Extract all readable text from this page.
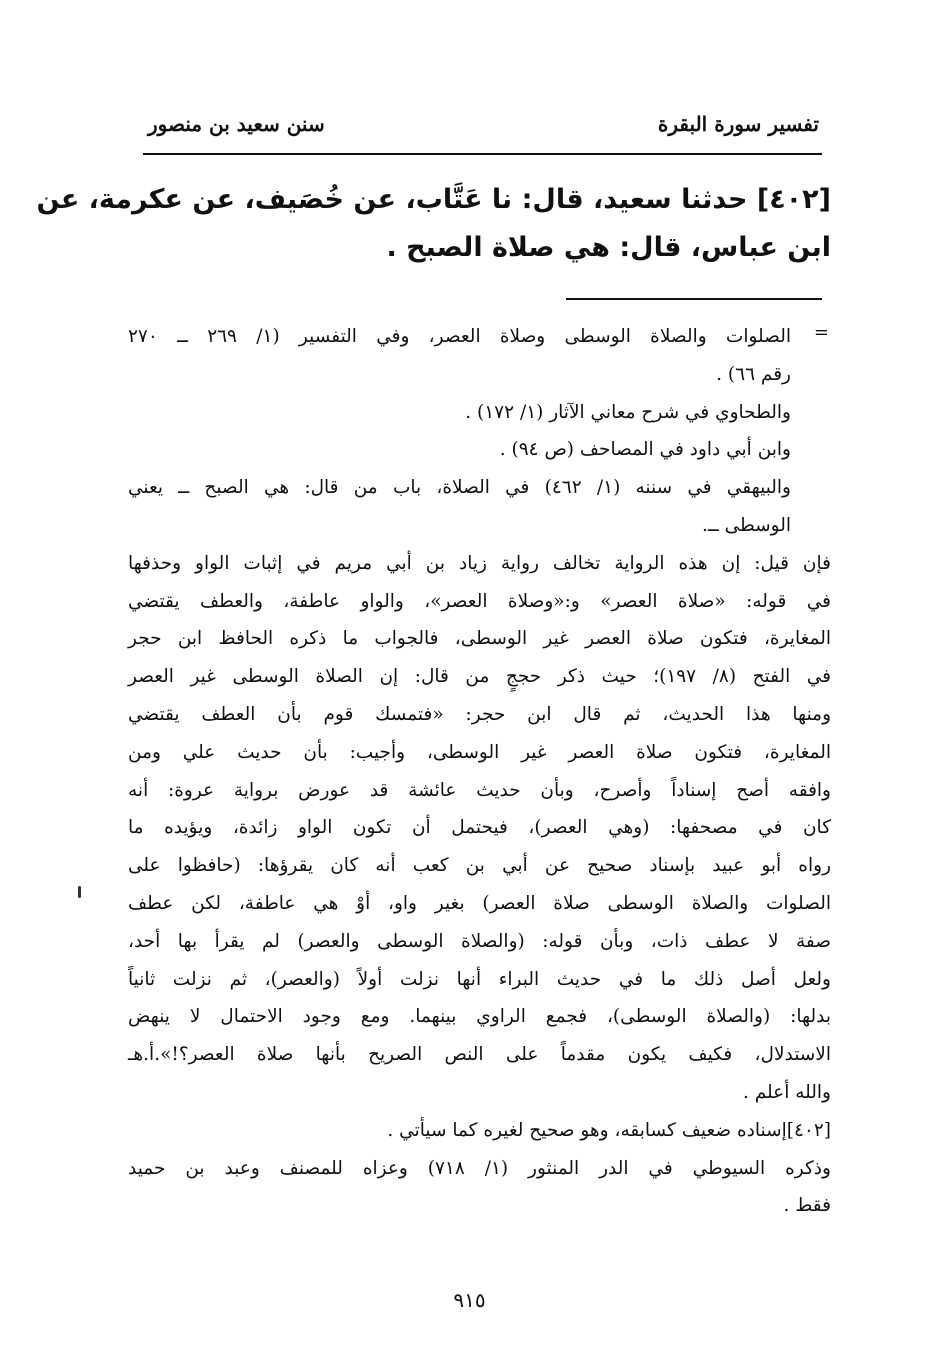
تفسير سورة البقرة
سنن سعيد بن منصور
[٤٠٢] حدثنا سعيد، قال: نا عَتَّاب، عن خُصَيف، عن عكرمة، عن
ابن عباس، قال: هي صلاة الصبح .
=
الصلوات والصلاة الوسطى وصلاة العصر، وفي التفسير (١/ ٢٦٩ ــ ٢٧٠
رقم ٦٦) .
والطحاوي في شرح معاني الآثار (١/ ١٧٢) .
وابن أبي داود في المصاحف (ص ٩٤) .
والبيهقي في سننه (١/ ٤٦٢) في الصلاة، باب من قال: هي الصبح ــ يعني
الوسطى ــ.
فإن قيل: إن هذه الرواية تخالف رواية زياد بن أبي مريم في إثبات الواو وحذفها
في قوله: «صلاة العصر» و:«وصلاة العصر»، والواو عاطفة، والعطف يقتضي
المغايرة، فتكون صلاة العصر غير الوسطى، فالجواب ما ذكره الحافظ ابن حجر
في الفتح (٨/ ١٩٧)؛ حيث ذكر حججٍ من قال: إن الصلاة الوسطى غير العصر
ومنها هذا الحديث، ثم قال ابن حجر: «فتمسك قوم بأن العطف يقتضي
المغايرة، فتكون صلاة العصر غير الوسطى، وأجيب: بأن حديث علي ومن
وافقه أصح إسناداً وأصرح، وبأن حديث عائشة قد عورض برواية عروة: أنه
كان في مصحفها: (وهي العصر)، فيحتمل أن تكون الواو زائدة، ويؤيده ما
رواه أبو عبيد بإسناد صحيح عن أبي بن كعب أنه كان يقرؤها: (حافظوا على
الصلوات والصلاة الوسطى صلاة العصر) بغير واو، أوْ هي عاطفة، لكن عطف
صفة لا عطف ذات، وبأن قوله: (والصلاة الوسطى والعصر) لم يقرأ بها أحد،
ولعل أصل ذلك ما في حديث البراء أنها نزلت أولاً (والعصر)، ثم نزلت ثانياً
بدلها: (والصلاة الوسطى)، فجمع الراوي بينهما. ومع وجود الاحتمال لا ينهض
الاستدلال، فكيف يكون مقدماً على النص الصريح بأنها صلاة العصر؟!».أ.هـ
والله أعلم .
[٤٠٢]إسناده ضعيف كسابقه، وهو صحيح لغيره كما سيأتي .
وذكره السيوطي في الدر المنثور (١/ ٧١٨) وعزاه للمصنف وعبد بن حميد
فقط .
٩١٥
